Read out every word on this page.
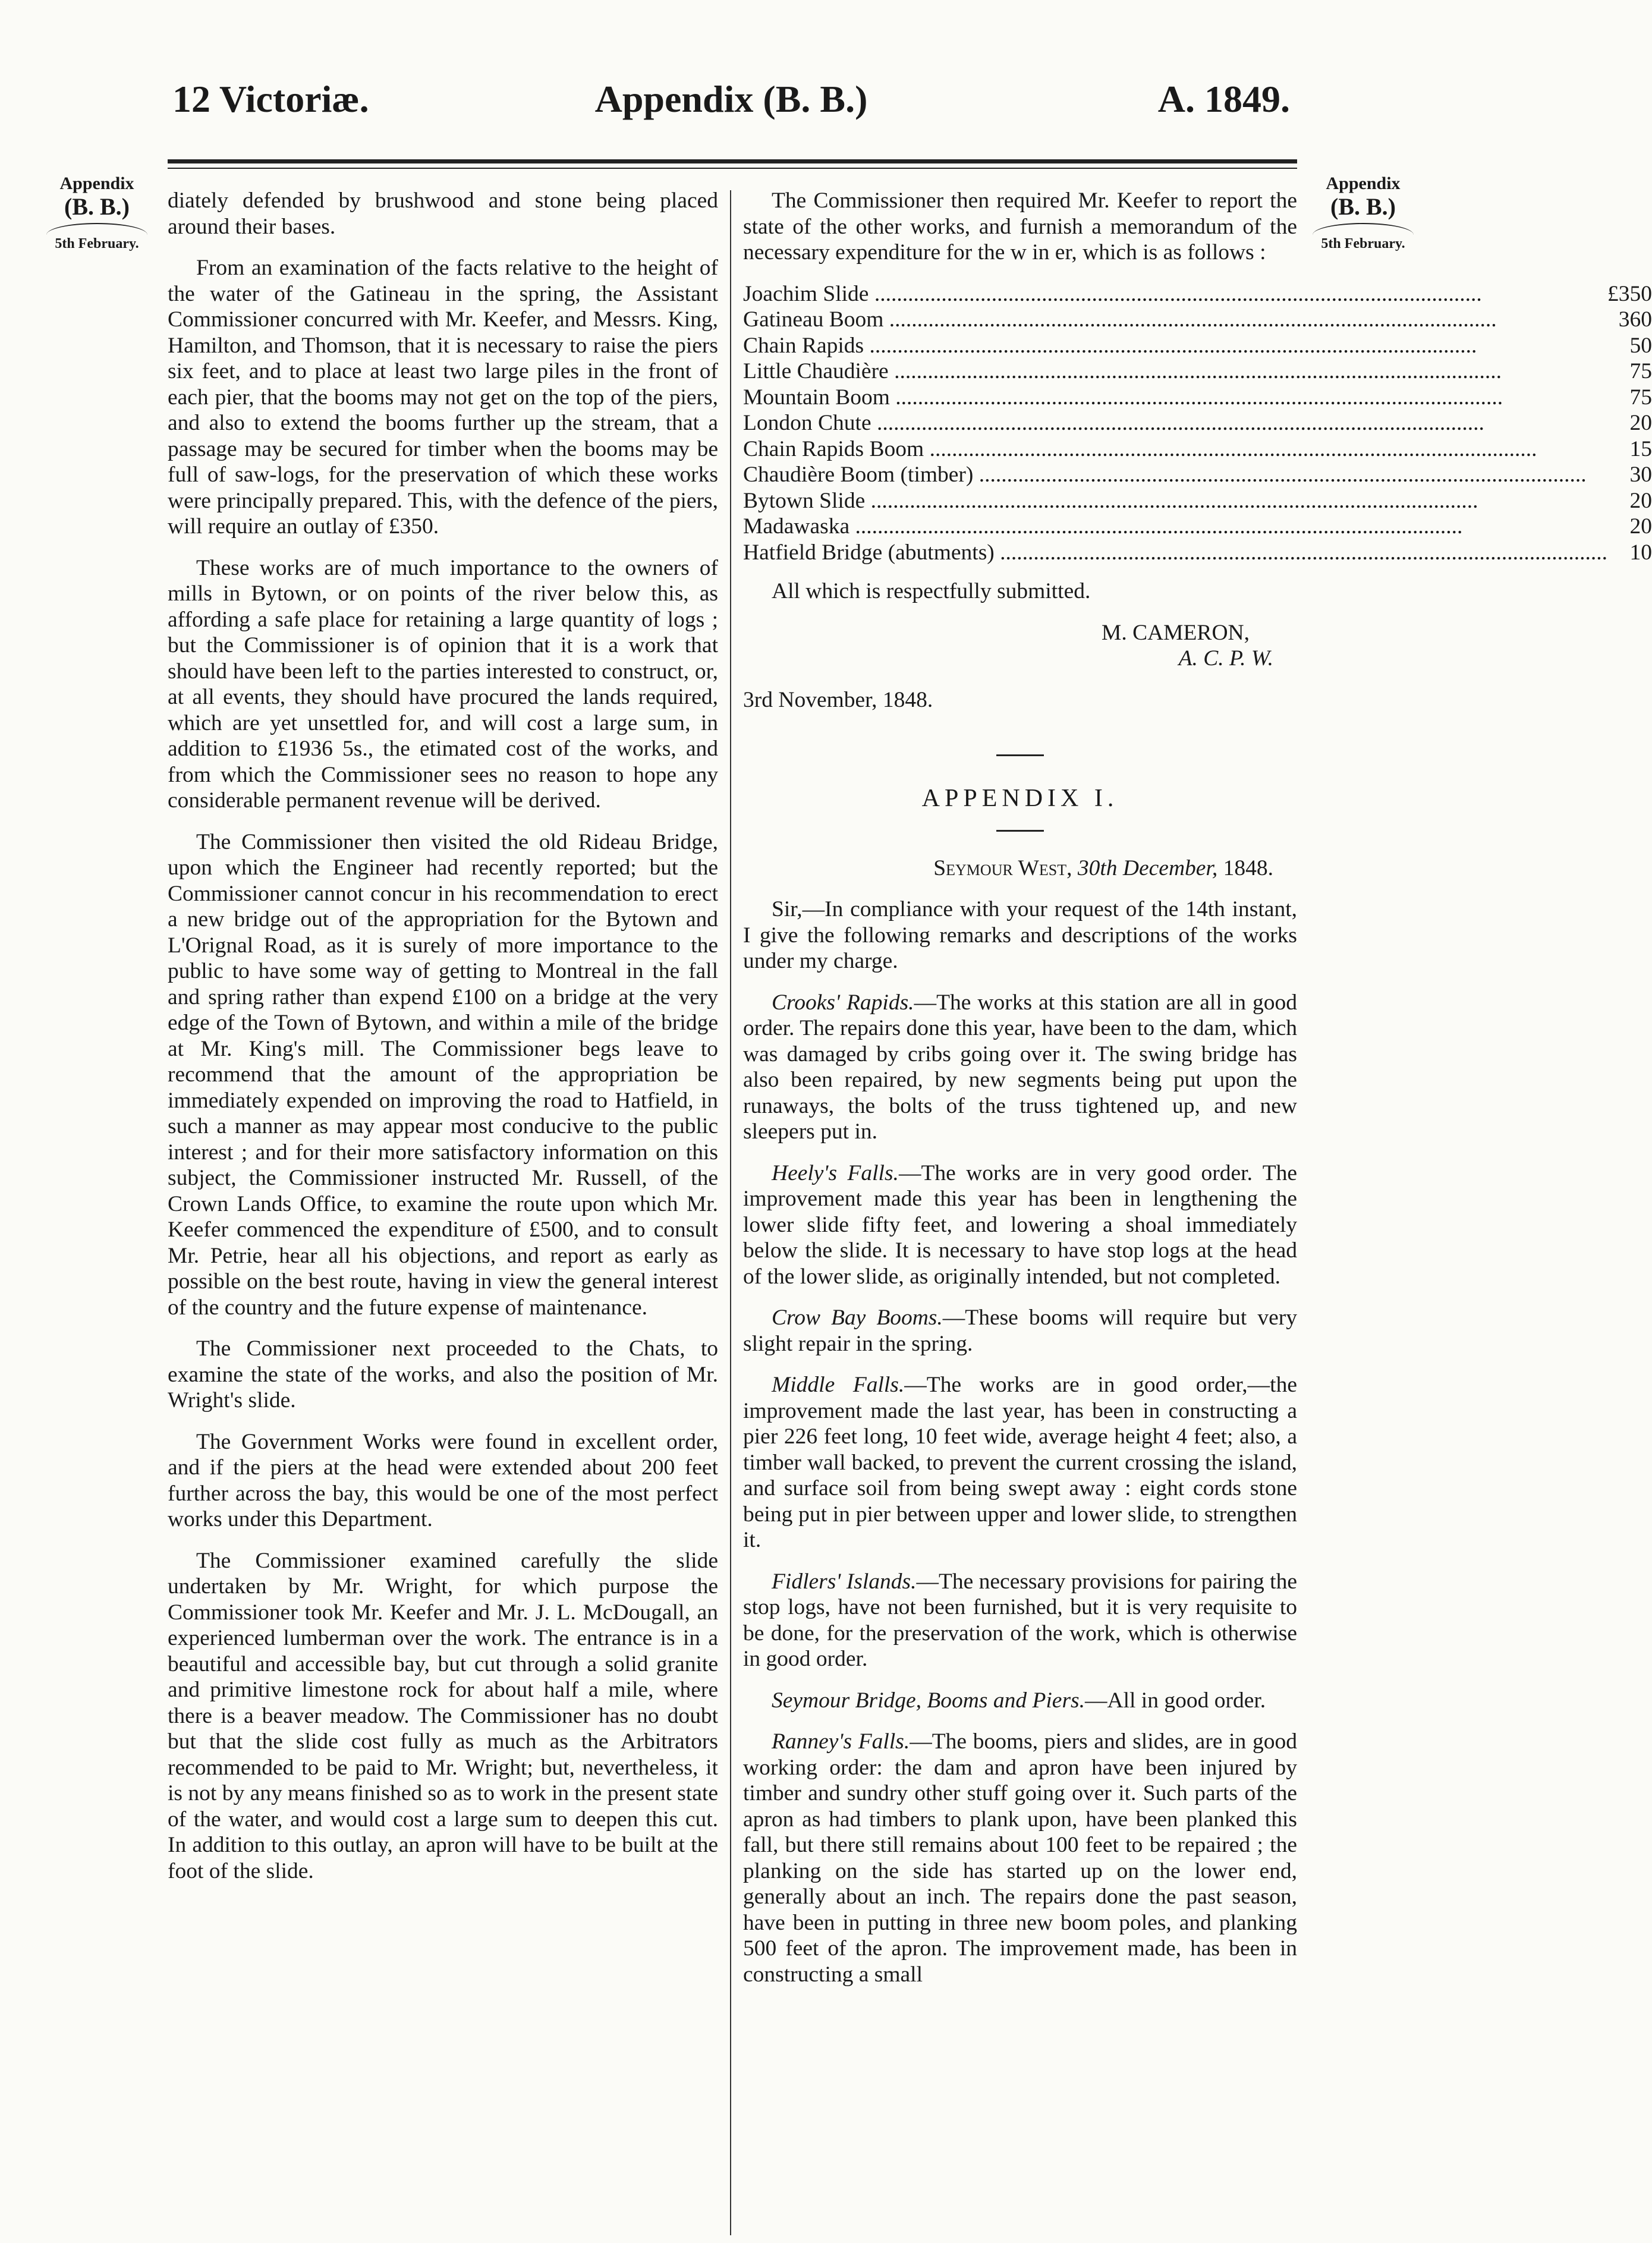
12 Victoriæ.	Appendix (B. B.)	A. 1849.
Appendix
(B. B.)
5th February.
Appendix
(B. B.)
5th February.

diately defended by brushwood and stone being placed around their bases.

From an examination of the facts relative to the height of the water of the Gatineau in the spring, the Assistant Commissioner concurred with Mr. Keefer, and Messrs. King, Hamilton, and Thomson, that it is necessary to raise the piers six feet, and to place at least two large piles in the front of each pier, that the booms may not get on the top of the piers, and also to extend the booms further up the stream, that a passage may be secured for timber when the booms may be full of saw-logs, for the preservation of which these works were principally prepared. This, with the defence of the piers, will require an outlay of £350.

These works are of much importance to the owners of mills in Bytown, or on points of the river below this, as affording a safe place for retaining a large quantity of logs ; but the Commissioner is of opinion that it is a work that should have been left to the parties interested to construct, or, at all events, they should have procured the lands required, which are yet unsettled for, and will cost a large sum, in addition to £1936 5s., the etimated cost of the works, and from which the Commissioner sees no reason to hope any considerable permanent revenue will be derived.

The Commissioner then visited the old Rideau Bridge, upon which the Engineer had recently reported; but the Commissioner cannot concur in his recommendation to erect a new bridge out of the appropriation for the Bytown and L'Orignal Road, as it is surely of more importance to the public to have some way of getting to Montreal in the fall and spring rather than expend £100 on a bridge at the very edge of the Town of Bytown, and within a mile of the bridge at Mr. King's mill. The Commissioner begs leave to recommend that the amount of the appropriation be immediately expended on improving the road to Hatfield, in such a manner as may appear most conducive to the public interest ; and for their more satisfactory information on this subject, the Commissioner instructed Mr. Russell, of the Crown Lands Office, to examine the route upon which Mr. Keefer commenced the expenditure of £500, and to consult Mr. Petrie, hear all his objections, and report as early as possible on the best route, having in view the general interest of the country and the future expense of maintenance.

The Commissioner next proceeded to the Chats, to examine the state of the works, and also the position of Mr. Wright's slide.

The Government Works were found in excellent order, and if the piers at the head were extended about 200 feet further across the bay, this would be one of the most perfect works under this Department.

The Commissioner examined carefully the slide undertaken by Mr. Wright, for which purpose the Commissioner took Mr. Keefer and Mr. J. L. McDougall, an experienced lumberman over the work. The entrance is in a beautiful and accessible bay, but cut through a solid granite and primitive limestone rock for about half a mile, where there is a beaver meadow. The Commissioner has no doubt but that the slide cost fully as much as the Arbitrators recommended to be paid to Mr. Wright; but, nevertheless, it is not by any means finished so as to work in the present state of the water, and would cost a large sum to deepen this cut. In addition to this outlay, an apron will have to be built at the foot of the slide.

The Commissioner then required Mr. Keefer to report the state of the other works, and furnish a memorandum of the necessary expenditure for the w in er, which is as follows :

Joachim Slide .....	£350
Gatineau Boom .....	360
Chain Rapids .....	50
Little Chaudière .....	75
Mountain Boom .....	75
London Chute .....	20
Chain Rapids Boom .....	15
Chaudière Boom (timber) .....	30
Bytown Slide .....	20
Madawaska .....	20
Hatfield Bridge (abutments) .....	10

All which is respectfully submitted.

M. CAMERON,
A. C. P. W.

3rd November, 1848.

APPENDIX I.

Seymour West, 30th December, 1848.

Sir,—In compliance with your request of the 14th instant, I give the following remarks and descriptions of the works under my charge.

Crooks' Rapids.—The works at this station are all in good order. The repairs done this year, have been to the dam, which was damaged by cribs going over it. The swing bridge has also been repaired, by new segments being put upon the runaways, the bolts of the truss tightened up, and new sleepers put in.

Heely's Falls.—The works are in very good order. The improvement made this year has been in lengthening the lower slide fifty feet, and lowering a shoal immediately below the slide. It is necessary to have stop logs at the head of the lower slide, as originally intended, but not completed.

Crow Bay Booms.—These booms will require but very slight repair in the spring.

Middle Falls.—The works are in good order,—the improvement made the last year, has been in constructing a pier 226 feet long, 10 feet wide, average height 4 feet; also, a timber wall backed, to prevent the current crossing the island, and surface soil from being swept away : eight cords stone being put in pier between upper and lower slide, to strengthen it.

Fidlers' Islands.—The necessary provisions for pairing the stop logs, have not been furnished, but it is very requisite to be done, for the preservation of the work, which is otherwise in good order.

Seymour Bridge, Booms and Piers.—All in good order.

Ranney's Falls.—The booms, piers and slides, are in good working order: the dam and apron have been injured by timber and sundry other stuff going over it. Such parts of the apron as had timbers to plank upon, have been planked this fall, but there still remains about 100 feet to be repaired ; the planking on the side has started up on the lower end, generally about an inch. The repairs done the past season, have been in putting in three new boom poles, and planking 500 feet of the apron. The improvement made, has been in constructing a small
